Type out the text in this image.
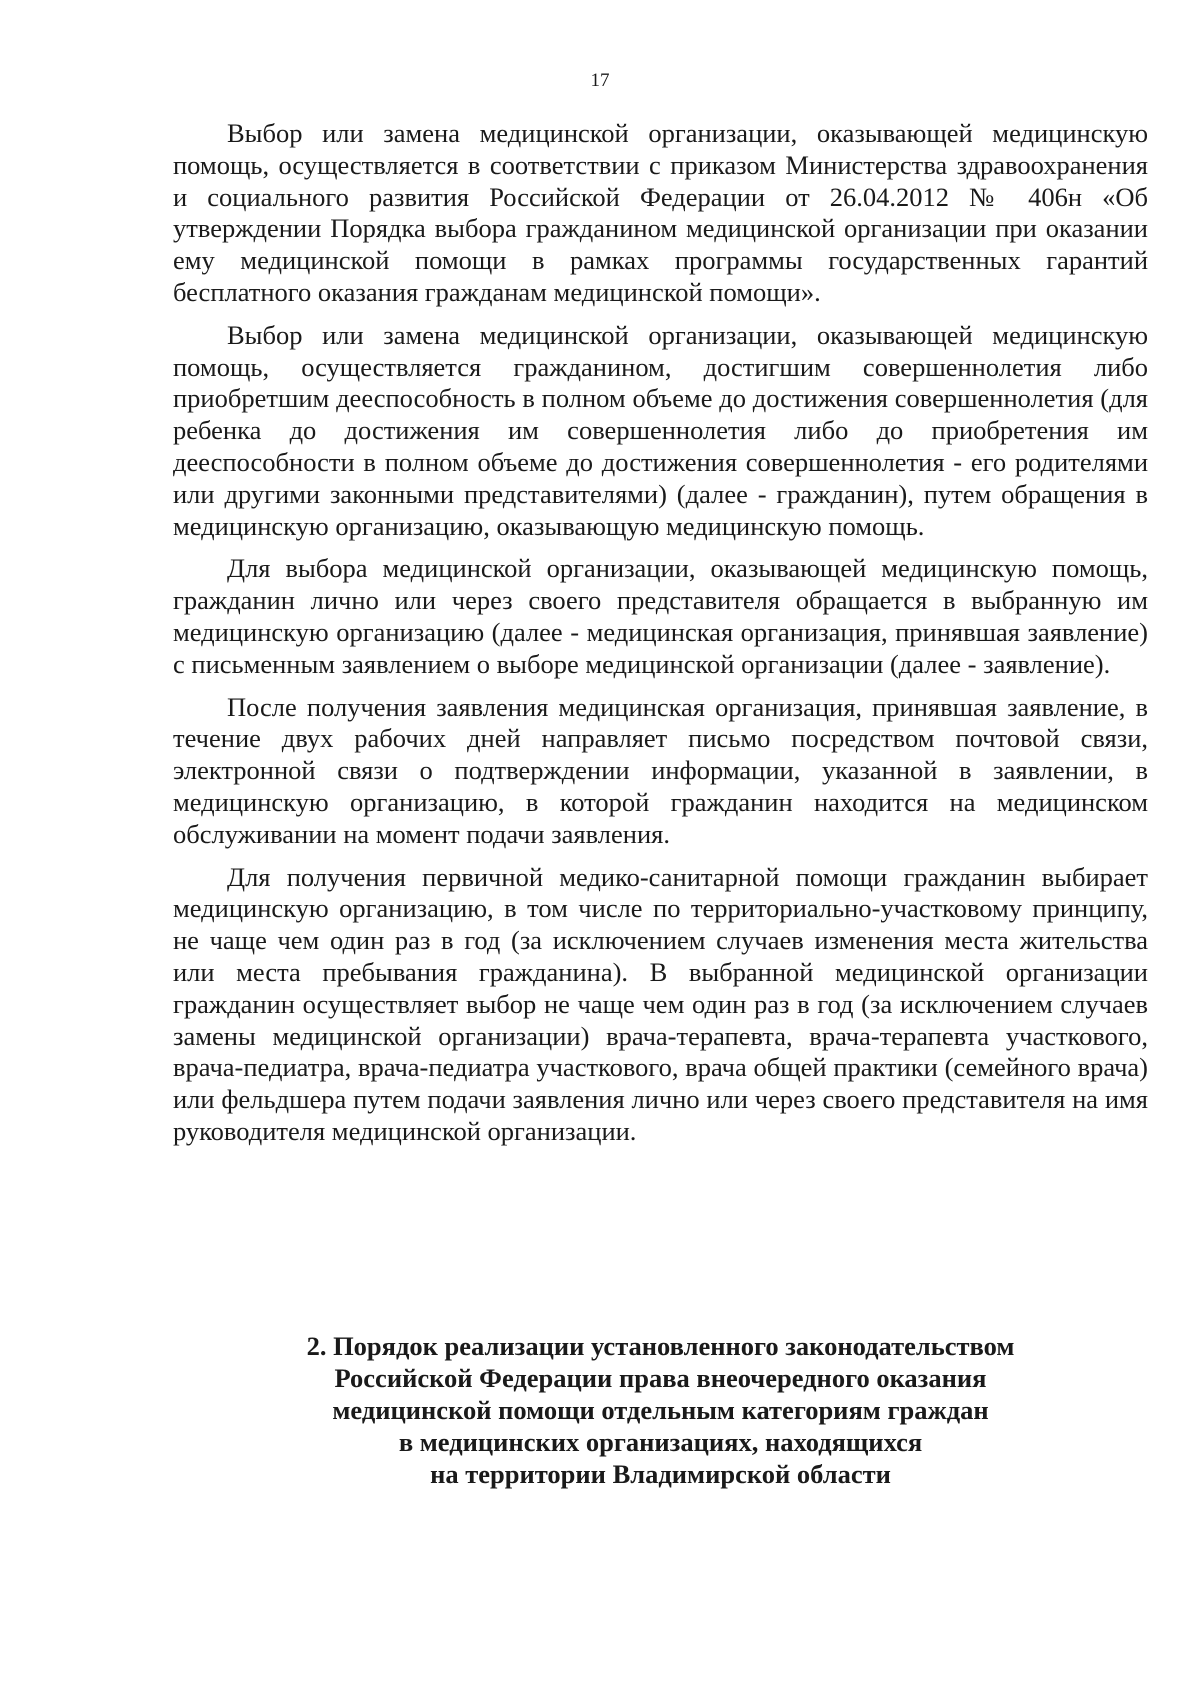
17

Выбор или замена медицинской организации, оказывающей медицинскую помощь, осуществляется в соответствии с приказом Министерства здравоохранения и социального развития Российской Федерации от 26.04.2012 № 406н «Об утверждении Порядка выбора гражданином медицинской организации при оказании ему медицинской помощи в рамках программы государственных гарантий бесплатного оказания гражданам медицинской помощи».

Выбор или замена медицинской организации, оказывающей медицинскую помощь, осуществляется гражданином, достигшим совершеннолетия либо приобретшим дееспособность в полном объеме до достижения совершеннолетия (для ребенка до достижения им совершеннолетия либо до приобретения им дееспособности в полном объеме до достижения совершеннолетия - его родителями или другими законными представителями) (далее - гражданин), путем обращения в медицинскую организацию, оказывающую медицинскую помощь.

Для выбора медицинской организации, оказывающей медицинскую помощь, гражданин лично или через своего представителя обращается в выбранную им медицинскую организацию (далее - медицинская организация, принявшая заявление) с письменным заявлением о выборе медицинской организации (далее - заявление).

После получения заявления медицинская организация, принявшая заявление, в течение двух рабочих дней направляет письмо посредством почтовой связи, электронной связи о подтверждении информации, указанной в заявлении, в медицинскую организацию, в которой гражданин находится на медицинском обслуживании на момент подачи заявления.

Для получения первичной медико-санитарной помощи гражданин выбирает медицинскую организацию, в том числе по территориально-участковому принципу, не чаще чем один раз в год (за исключением случаев изменения места жительства или места пребывания гражданина). В выбранной медицинской организации гражданин осуществляет выбор не чаще чем один раз в год (за исключением случаев замены медицинской организации) врача-терапевта, врача-терапевта участкового, врача-педиатра, врача-педиатра участкового, врача общей практики (семейного врача) или фельдшера путем подачи заявления лично или через своего представителя на имя руководителя медицинской организации.

2. Порядок реализации установленного законодательством
Российской Федерации права внеочередного оказания
медицинской помощи отдельным категориям граждан
в медицинских организациях, находящихся
на территории Владимирской области
